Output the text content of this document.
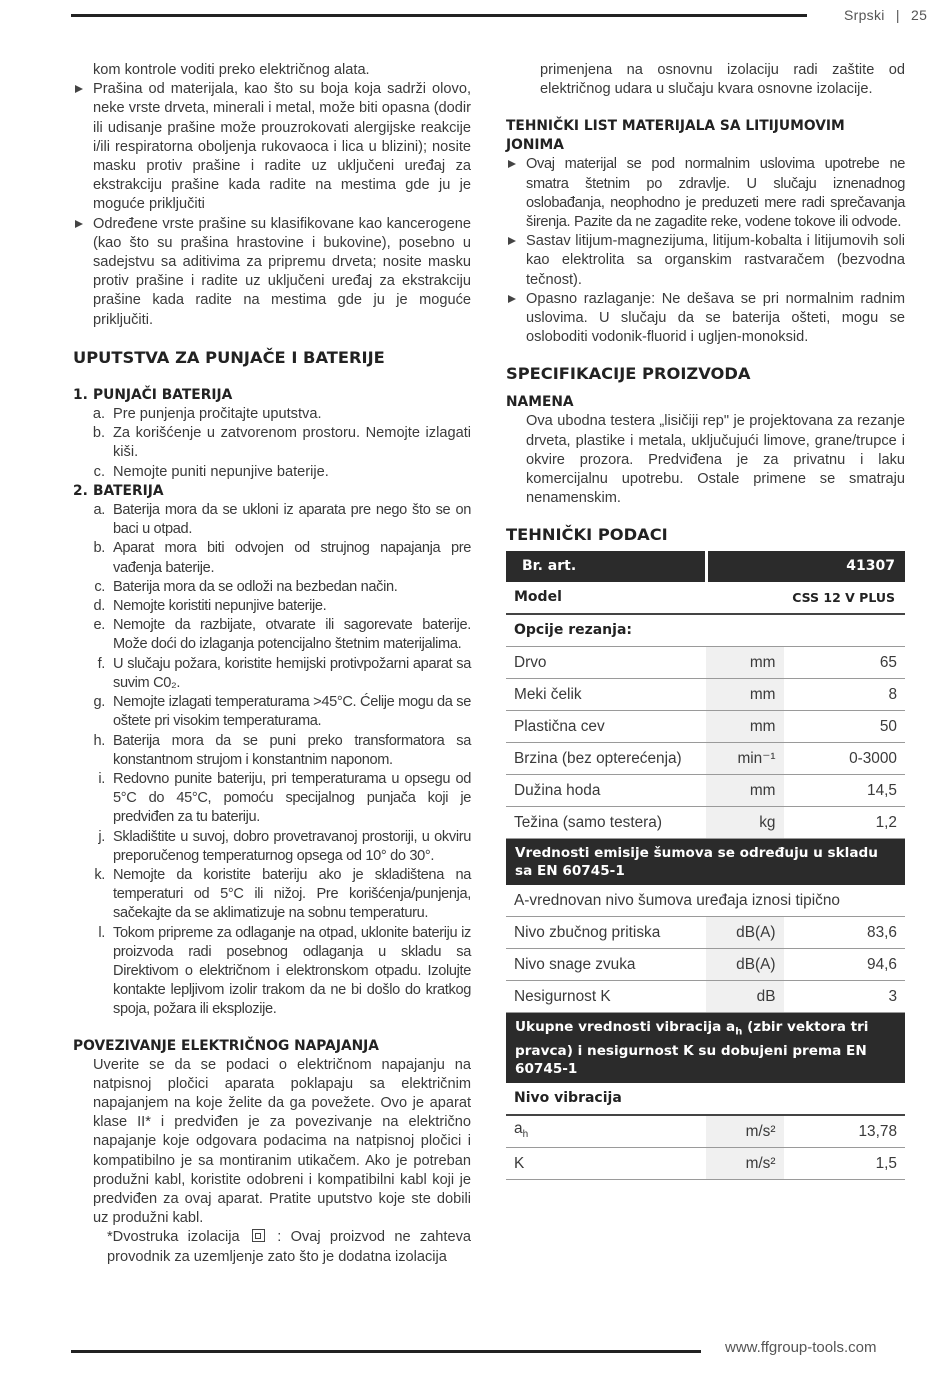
Srpski | 25

kom kontrole voditi preko električnog alata.

Prašina od materijala, kao što su boja koja sadrži olovo, neke vrste drveta, minerali i metal, može biti opasna (dodir ili udisanje prašine može prouzrokovati alergijske reakcije i/ili respiratorna oboljenja rukovaoca i lica u blizini); nosite masku protiv prašine i radite uz uključeni uređaj za ekstrakciju prašine kada radite na mestima gde ju je moguće priključiti

Određene vrste prašine su klasifikovane kao kancerogene (kao što su prašina hrastovine i bukovine), posebno u sadejstvu sa aditivima za pripremu drveta; nosite masku protiv prašine i radite uz uključeni uređaj za ekstrakciju prašine kada radite na mestima gde ju je moguće priključiti.

UPUTSTVA ZA PUNJAČE I BATERIJE
1. PUNJAČI BATERIJA

a. Pre punjenja pročitajte uputstva.

b. Za korišćenje u zatvorenom prostoru. Nemojte izlagati kiši.

c. Nemojte puniti nepunjive baterije.

2. BATERIJA

a. Baterija mora da se ukloni iz aparata pre nego što se on baci u otpad.

b. Aparat mora biti odvojen od strujnog napajanja pre vađenja baterije.

c. Baterija mora da se odloži na bezbedan način.

d. Nemojte koristiti nepunjive baterije.

e. Nemojte da razbijate, otvarate ili sagorevate baterije. Može doći do izlaganja potencijalno štetnim materijalima.

f. U slučaju požara, koristite hemijski protivpožarni aparat sa suvim C0₂.

g. Nemojte izlagati temperaturama >45°C. Ćelije mogu da se oštete pri visokim temperaturama.

h. Baterija mora da se puni preko transformatora sa konstantnom strujom i konstantnim naponom.

i. Redovno punite bateriju, pri temperaturama u opsegu od 5°C do 45°C, pomoću specijalnog punjača koji je predviđen za tu bateriju.

j. Skladištite u suvoj, dobro provetravanoj prostoriji, u okviru preporučenog temperaturnog opsega od 10° do 30°.

k. Nemojte da koristite bateriju ako je skladištena na temperaturi od 5°C ili nižoj. Pre korišćenja/punjenja, sačekajte da se aklimatizuje na sobnu temperaturu.

l. Tokom pripreme za odlaganje na otpad, uklonite bateriju iz proizvoda radi posebnog odlaganja u skladu sa Direktivom o električnom i elektronskom otpadu. Izolujte kontakte lepljivom izolir trakom da ne bi došlo do kratkog spoja, požara ili eksplozije.

POVEZIVANJE ELEKTRIČNOG NAPAJANJA

Uverite se da se podaci o električnom napajanju na natpisnoj pločici aparata poklapaju sa električnim napajanjem na koje želite da ga povežete. Ovo je aparat klase II* i predviđen je za povezivanje na električno napajanje koje odgovara podacima na natpisnoj pločici i kompatibilno je sa montiranim utikačem. Ako je potreban produžni kabl, koristite odobreni i kompatibilni kabl koji je predviđen za ovaj aparat. Pratite uputstvo koje ste dobili uz produžni kabl.

*Dvostruka izolacija	: Ovaj proizvod ne zahteva provodnik za uzemljenje zato što je dodatna izolacija

primenjena na osnovnu izolaciju radi zaštite od električnog udara u slučaju kvara osnovne izolacije.

TEHNIČKI LIST MATERIJALA SA LITIJUMOVIM JONIMA

Ovaj materijal se pod normalnim uslovima upotrebe ne smatra štetnim po zdravlje. U slučaju iznenadnog oslobađanja, neophodno je preduzeti mere radi sprečavanja širenja. Pazite da ne zagadite reke, vodene tokove ili odvode.

Sastav litijum-magnezijuma, litijum-kobalta i litijumovih soli kao elektrolita sa organskim rastvaračem (bezvodna tečnost).

Opasno razlaganje: Ne dešava se pri normalnim radnim uslovima. U slučaju da se baterija ošteti, mogu se osloboditi vodonik-fluorid i ugljen-monoksid.

SPECIFIKACIJE PROIZVODA
NAMENA

Ova ubodna testera „lisičiji rep" je projektovana za rezanje drveta, plastike i metala, uključujući limove, grane/trupce i okvire prozora. Predviđena je za privatnu i laku komercijalnu upotrebu. Ostale primene se smatraju nenamenskim.

TEHNIČKI PODACI
Br. art.	41307	
Model	CSS 12 V PLUS	
Opcije rezanja:		
Drvo	mm	65
Meki čelik	mm	8
Plastična cev	mm	50
Brzina (bez opterećenja)	min⁻¹	0-3000
Dužina hoda	mm	14,5
Težina (samo testera)	kg	1,2
Vrednosti emisije šumova se određuju u skladu sa EN 60745-1		
A-vrednovan nivo šumova uređaja iznosi tipično		
Nivo zbučnog pritiska	dB(A)	83,6
Nivo snage zvuka	dB(A)	94,6
Nesigurnost K	dB	3
Ukupne vrednosti vibracija $a_h$ (zbir vektora tri pravca) i nesigurnost K su dobujeni prema EN 60745-1		
Nivo vibracija		
$a_h$	m/s²	13,78
K	m/s²	1,5
www.ffgroup-tools.com
